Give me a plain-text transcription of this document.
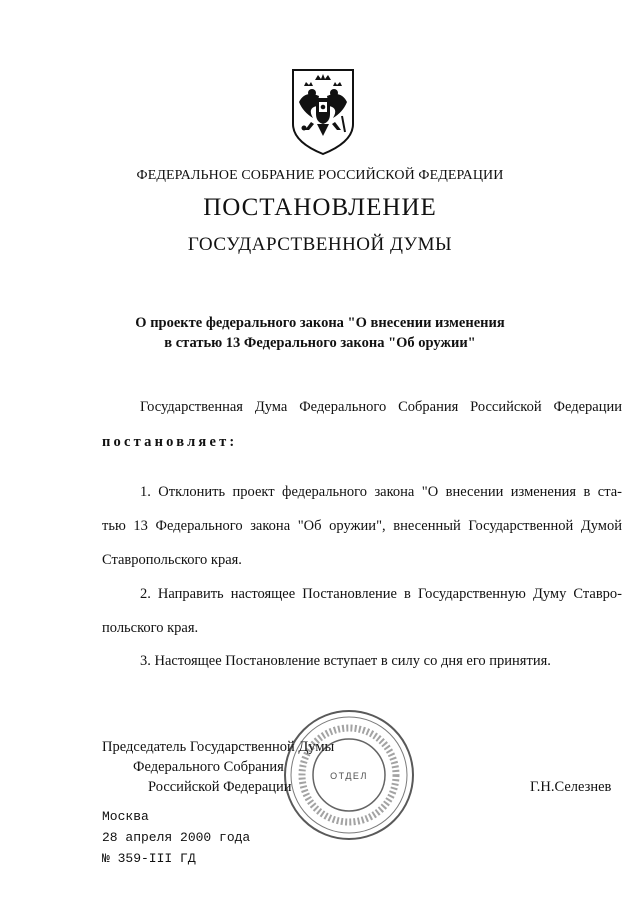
ФЕДЕРАЛЬНОЕ СОБРАНИЕ РОССИЙСКОЙ ФЕДЕРАЦИИ
ПОСТАНОВЛЕНИЕ
ГОСУДАРСТВЕННОЙ ДУМЫ
О проекте федерального закона "О внесении изменения
в статью 13 Федерального закона "Об оружии"
Государственная Дума Федерального Собрания Российской Федерации
постановляет:
1. Отклонить проект федерального закона "О внесении изменения в ста-
тью 13 Федерального закона "Об оружии", внесенный Государственной Думой
Ставропольского края.
2. Направить настоящее Постановление в Государственную Думу Ставро-
польского края.
3. Настоящее Постановление вступает в силу со дня его принятия.
Председатель Государственной Думы
Федерального Собрания
Российской Федерации	Г.Н.Селезнев
ОТДЕЛ
Москва
28 апреля 2000 года
№ 359-III ГД
